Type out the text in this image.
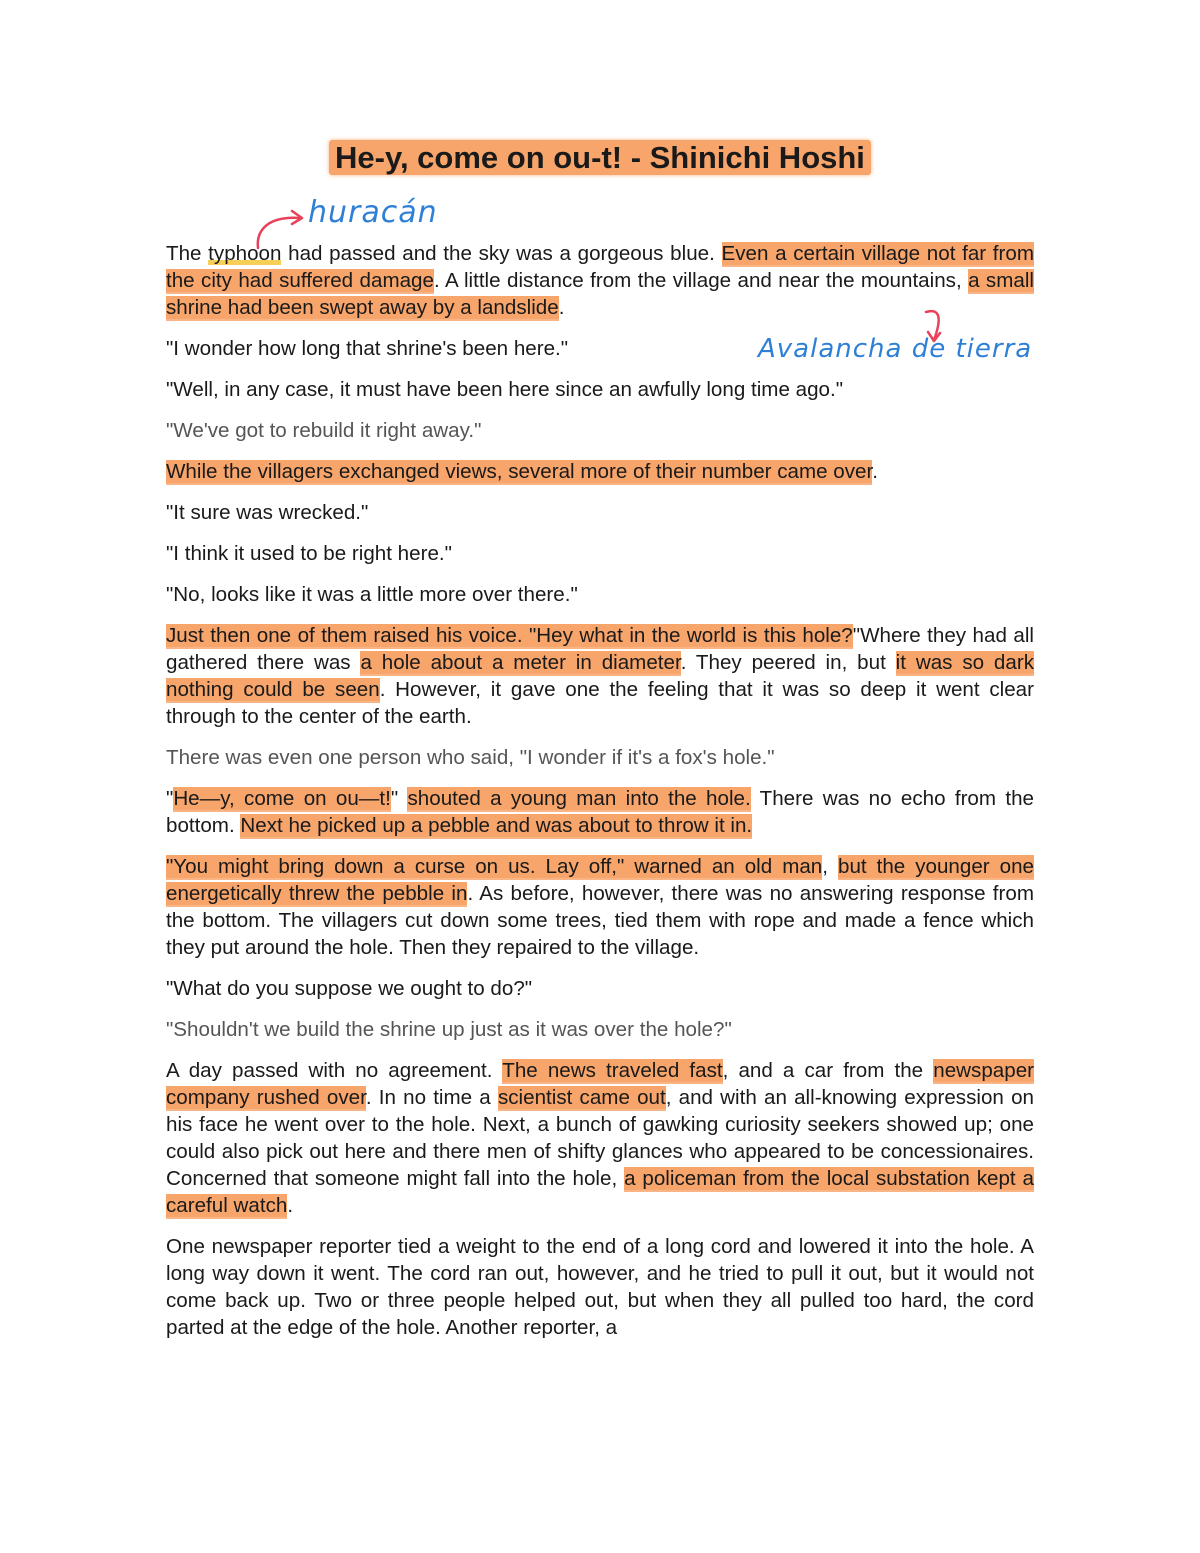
huracán
Avalancha de tierra
He-y, come on ou-t! - Shinichi Hoshi

The typhoon had passed and the sky was a gorgeous blue. Even a certain village not far from the city had suffered damage. A little distance from the village and near the mountains, a small shrine had been swept away by a landslide.

"I wonder how long that shrine's been here."

"Well, in any case, it must have been here since an awfully long time ago."

"We've got to rebuild it right away."

While the villagers exchanged views, several more of their number came over.

"It sure was wrecked."

"I think it used to be right here."

"No, looks like it was a little more over there."

Just then one of them raised his voice. "Hey what in the world is this hole?"Where they had all gathered there was a hole about a meter in diameter. They peered in, but it was so dark nothing could be seen. However, it gave one the feeling that it was so deep it went clear through to the center of the earth.

There was even one person who said, "I wonder if it's a fox's hole."

"He—y, come on ou—t!" shouted a young man into the hole. There was no echo from the bottom. Next he picked up a pebble and was about to throw it in.

"You might bring down a curse on us. Lay off," warned an old man, but the younger one energetically threw the pebble in. As before, however, there was no answering response from the bottom. The villagers cut down some trees, tied them with rope and made a fence which they put around the hole. Then they repaired to the village.

"What do you suppose we ought to do?"

"Shouldn't we build the shrine up just as it was over the hole?"

A day passed with no agreement. The news traveled fast, and a car from the newspaper company rushed over. In no time a scientist came out, and with an all-knowing expression on his face he went over to the hole. Next, a bunch of gawking curiosity seekers showed up; one could also pick out here and there men of shifty glances who appeared to be concessionaires. Concerned that someone might fall into the hole, a policeman from the local substation kept a careful watch.

One newspaper reporter tied a weight to the end of a long cord and lowered it into the hole. A long way down it went. The cord ran out, however, and he tried to pull it out, but it would not come back up. Two or three people helped out, but when they all pulled too hard, the cord parted at the edge of the hole. Another reporter, a
